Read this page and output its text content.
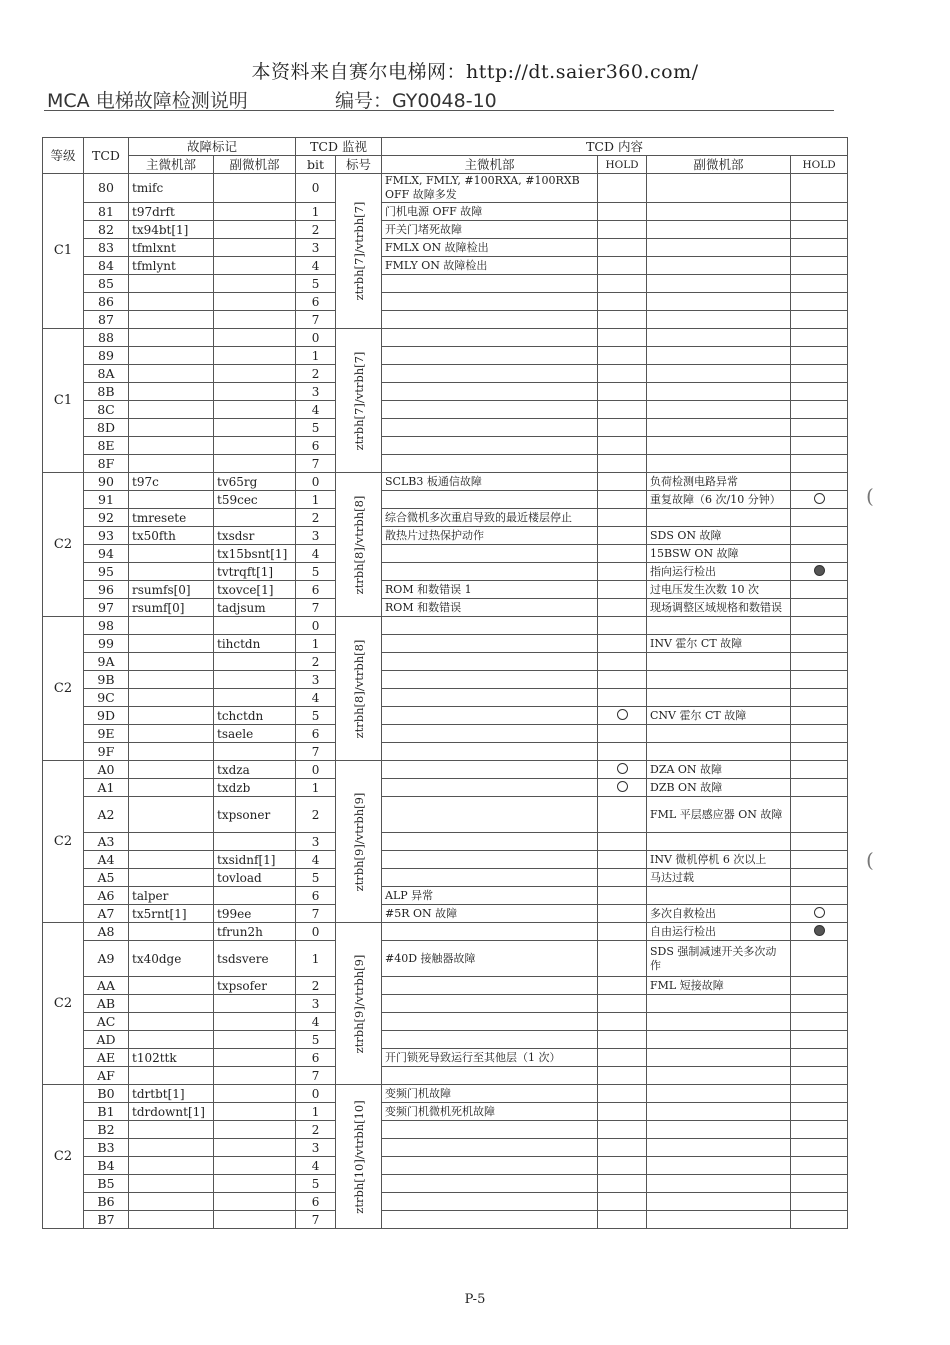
本资料来自赛尔电梯网：http://dt.saier360.com/
MCA 电梯故障检测说明	编号：GY0048-10
等级	TCD	故障标记		TCD 监视		TCD 内容			
		主微机部	副微机部	bit	标号	主微机部	HOLD	副微机部	HOLD
C1	80	tmifc		0	ztrbh[7]/vtrbh[7]	FMLX, FMLY, #100RXA, #100RXB OFF 故障多发			
	81	t97drft		1		门机电源 OFF 故障			
	82	tx94bt[1]		2		开关门堵死故障			
	83	tfmlxnt		3		FMLX ON 故障检出			
	84	tfmlynt		4		FMLY ON 故障检出			
	85			5					
	86			6					
	87			7					
C1	88			0	ztrbh[7]/vtrbh[7]				

	89			1					
	8A			2					
	8B			3					
	8C			4					
	8D			5					
	8E			6					
	8F			7					
C2	90	t97c	tv65rg	0	ztrbh[8]/vtrbh[8]	SCLB3 板通信故障		负荷检测电路异常	
	91		t59cec	1				重复故障（6 次/10 分钟）	
	92	tmresete		2		综合微机多次重启导致的最近楼层停止			
	93	tx50fth	txsdsr	3		散热片过热保护动作		SDS ON 故障	
	94		tx15bsnt[1]	4				15BSW ON 故障	
	95		tvtrqft[1]	5				指向运行检出	
	96	rsumfs[0]	txovce[1]	6		ROM 和数错误 1		过电压发生次数 10 次	
	97	rsumf[0]	tadjsum	7		ROM 和数错误		现场调整区域规格和数错误	
C2	98			0	ztrbh[8]/vtrbh[8]				

	99		tihctdn	1				INV 霍尔 CT 故障	
	9A			2					
	9B			3					
	9C			4					
	9D		tchctdn	5				CNV 霍尔 CT 故障	
	9E		tsaele	6					
	9F			7					
C2	A0		txdza	0	ztrbh[9]/vtrbh[9]			DZA ON 故障	
	A1		txdzb	1				DZB ON 故障	
	A2		txpsoner	2				FML 平层感应器 ON 故障	
	A3			3					
	A4		txsidnf[1]	4				INV 微机停机 6 次以上	
	A5		tovload	5				马达过载	
	A6	talper		6		ALP 异常			
	A7	tx5rnt[1]	t99ee	7		#5R ON 故障		多次自救检出	
C2	A8		tfrun2h	0	ztrbh[9]/vtrbh[9]			自由运行检出	
	A9	tx40dge	tsdsvere	1		#40D 接触器故障		SDS 强制减速开关多次动作	
	AA		txpsofer	2				FML 短接故障	
	AB			3					
	AC			4					
	AD			5					
	AE	t102ttk		6		开门锁死导致运行至其他层（1 次）			
	AF			7					
C2	B0	tdrtbt[1]		0	ztrbh[10]/vtrbh[10]	变频门机故障			
	B1	tdrdownt[1]		1		变频门机微机死机故障			
	B2			2					
	B3			3					
	B4			4					
	B5			5					
	B6			6					
	B7			7					
(
(
P-5
